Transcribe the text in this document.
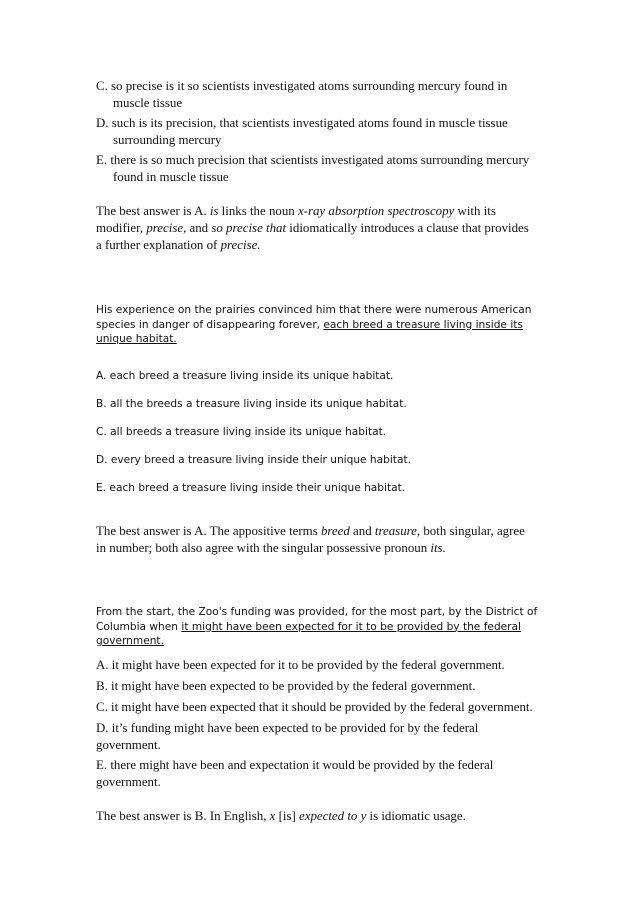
C. so precise is it so scientists investigated atoms surrounding mercury found in

muscle tissue

D. such is its precision, that scientists investigated atoms found in muscle tissue

surrounding mercury

E. there is so much precision that scientists investigated atoms surrounding mercury

found in muscle tissue

The best answer is A. is links the noun x-ray absorption spectroscopy with its

modifier, precise, and so precise that idiomatically introduces a clause that provides

a further explanation of precise.

His experience on the prairies convinced him that there were numerous American species in danger of disappearing forever, each breed a treasure living inside its unique habitat.

A. each breed a treasure living inside its unique habitat.
B. all the breeds a treasure living inside its unique habitat.
C. all breeds a treasure living inside its unique habitat.
D. every breed a treasure living inside their unique habitat.
E. each breed a treasure living inside their unique habitat.

The best answer is A. The appositive terms breed and treasure, both singular, agree

in number; both also agree with the singular possessive pronoun its.

From the start, the Zoo's funding was provided, for the most part, by the District of Columbia when it might have been expected for it to be provided by the federal government.

A. it might have been expected for it to be provided by the federal government.
B. it might have been expected to be provided by the federal government.
C. it might have been expected that it should be provided by the federal government.
D. it’s funding might have been expected to be provided for by the federal government.
E. there might have been and expectation it would be provided by the federal government.

The best answer is B. In English, x [is] expected to y is idiomatic usage.
